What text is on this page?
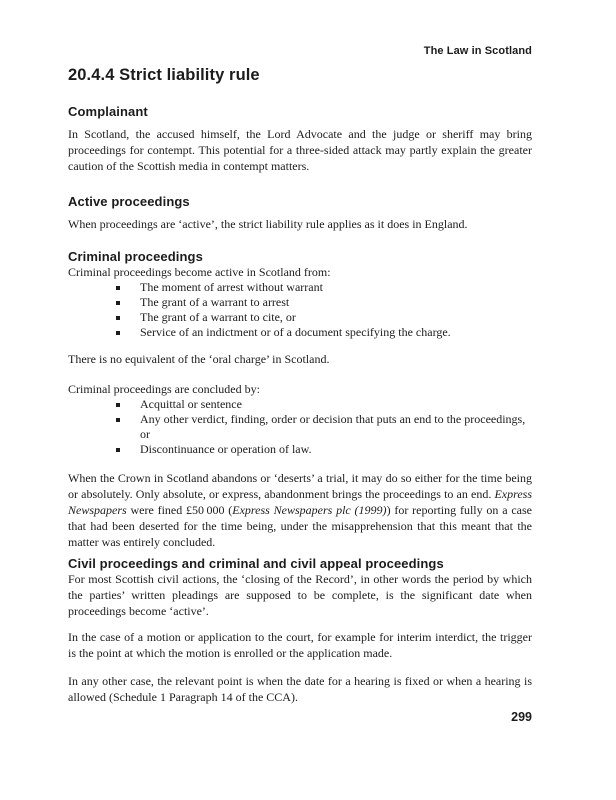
The Law in Scotland
20.4.4 Strict liability rule
Complainant

In Scotland, the accused himself, the Lord Advocate and the judge or sheriff may bring proceedings for contempt. This potential for a three-sided attack may partly explain the greater caution of the Scottish media in contempt matters.

Active proceedings

When proceedings are ‘active’, the strict liability rule applies as it does in England.

Criminal proceedings

Criminal proceedings become active in Scotland from:

The moment of arrest without warrant
The grant of a warrant to arrest
The grant of a warrant to cite, or
Service of an indictment or of a document specifying the charge.

There is no equivalent of the ‘oral charge’ in Scotland.

Criminal proceedings are concluded by:

Acquittal or sentence
Any other verdict, finding, order or decision that puts an end to the proceedings, or
Discontinuance or operation of law.

When the Crown in Scotland abandons or ‘deserts’ a trial, it may do so either for the time being or absolutely. Only absolute, or express, abandonment brings the proceedings to an end. Express Newspapers were fined £50 000 (Express Newspapers plc (1999)) for reporting fully on a case that had been deserted for the time being, under the misapprehension that this meant that the matter was entirely concluded.

Civil proceedings and criminal and civil appeal proceedings

For most Scottish civil actions, the ‘closing of the Record’, in other words the period by which the parties’ written pleadings are supposed to be complete, is the significant date when proceedings become ‘active’.

In the case of a motion or application to the court, for example for interim interdict, the trigger is the point at which the motion is enrolled or the application made.

In any other case, the relevant point is when the date for a hearing is fixed or when a hearing is allowed (Schedule 1 Paragraph 14 of the CCA).

299
